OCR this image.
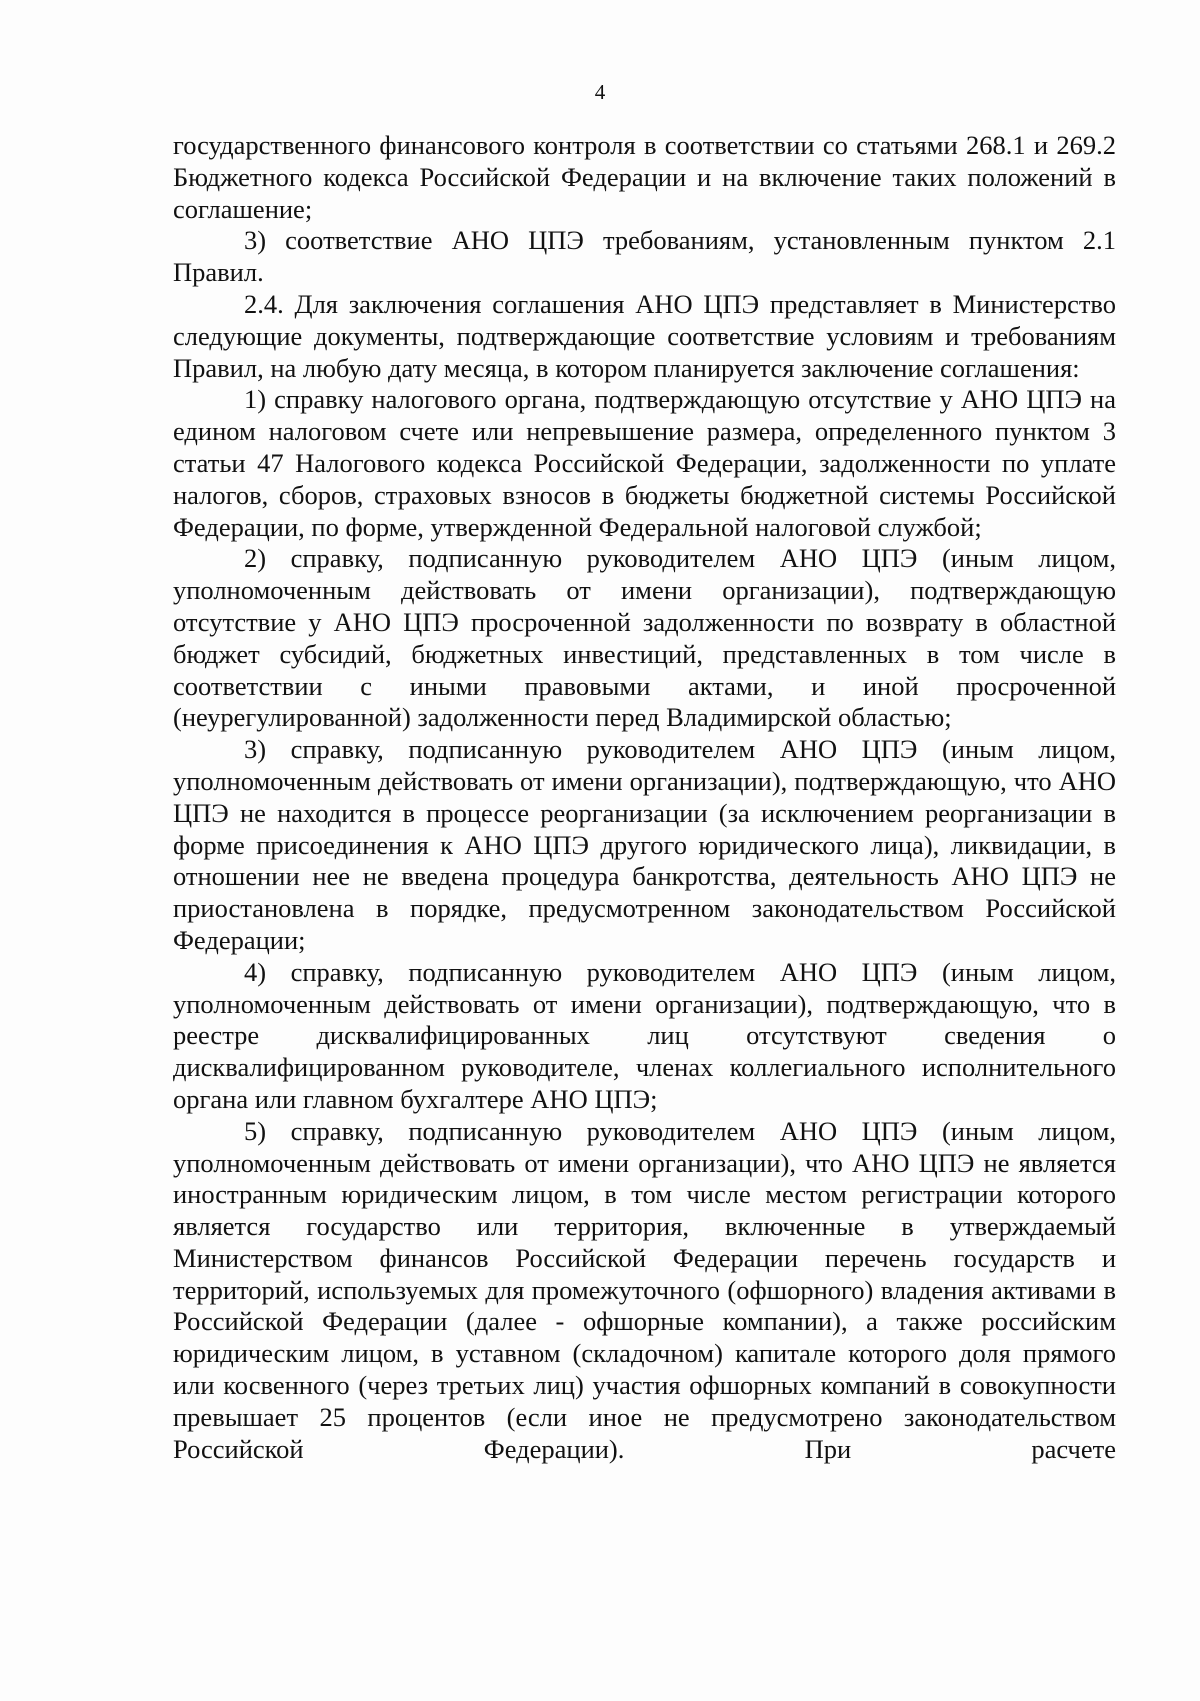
4

государственного финансового контроля в соответствии со статьями 268.1 и 269.2 Бюджетного кодекса Российской Федерации и на включение таких положений в соглашение;

3) соответствие АНО ЦПЭ требованиям, установленным пунктом 2.1 Правил.

2.4. Для заключения соглашения АНО ЦПЭ представляет в Министерство следующие документы, подтверждающие соответствие условиям и требованиям Правил, на любую дату месяца, в котором планируется заключение соглашения:

1) справку налогового органа, подтверждающую отсутствие у АНО ЦПЭ на едином налоговом счете или непревышение размера, определенного пунктом 3 статьи 47 Налогового кодекса Российской Федерации, задолженности по уплате налогов, сборов, страховых взносов в бюджеты бюджетной системы Российской Федерации, по форме, утвержденной Федеральной налоговой службой;

2) справку, подписанную руководителем АНО ЦПЭ (иным лицом, уполномоченным действовать от имени организации), подтверждающую отсутствие у АНО ЦПЭ просроченной задолженности по возврату в областной бюджет субсидий, бюджетных инвестиций, представленных в том числе в соответствии с иными правовыми актами, и иной просроченной (неурегулированной) задолженности перед Владимирской областью;

3) справку, подписанную руководителем АНО ЦПЭ (иным лицом, уполномоченным действовать от имени организации), подтверждающую, что АНО ЦПЭ не находится в процессе реорганизации (за исключением реорганизации в форме присоединения к АНО ЦПЭ другого юридического лица), ликвидации, в отношении нее не введена процедура банкротства, деятельность АНО ЦПЭ не приостановлена в порядке, предусмотренном законодательством Российской Федерации;

4) справку, подписанную руководителем АНО ЦПЭ (иным лицом, уполномоченным действовать от имени организации), подтверждающую, что в реестре дисквалифицированных лиц отсутствуют сведения о дисквалифицированном руководителе, членах коллегиального исполнительного органа или главном бухгалтере АНО ЦПЭ;

5) справку, подписанную руководителем АНО ЦПЭ (иным лицом, уполномоченным действовать от имени организации), что АНО ЦПЭ не является иностранным юридическим лицом, в том числе местом регистрации которого является государство или территория, включенные в утверждаемый Министерством финансов Российской Федерации перечень государств и территорий, используемых для промежуточного (офшорного) владения активами в Российской Федерации (далее - офшорные компании), а также российским юридическим лицом, в уставном (складочном) капитале которого доля прямого или косвенного (через третьих лиц) участия офшорных компаний в совокупности превышает 25 процентов (если иное не предусмотрено законодательством Российской Федерации). При расчете
